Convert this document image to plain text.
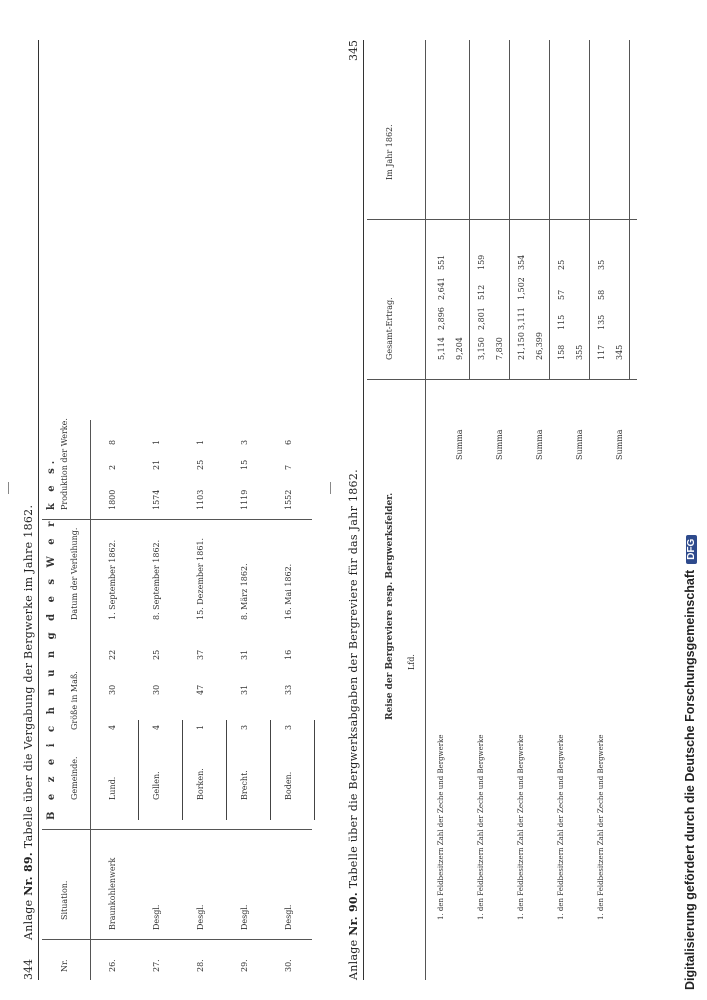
344
Anlage Nr. 89. Tabelle über die Vergabung der Bergwerke im Jahre 1862.
Nr.
Situation.
B e z e i c h n u n g d e s W e r k e s. Gemeinde.
Größe in Maß.
Datum der Verleihung.
Produktion der Werke.
26.
Braunkohlenwerk
Lund.
4
30
22
1. September 1862.
1800
2
8
27.
Desgl.
Gellen.
4
30
25
8. September 1862.
1574
21
1
28.
Desgl.
Borken.
1
47
37
15. Dezember 1861.
1103
25
1
29.
Desgl.
Brecht.
3
31
31
8. März 1862.
1119
15
3
30.
Desgl.
Boden.
3
33
16
16. Mai 1862.
1552
7
6
Anlage Nr. 90. Tabelle über die Bergwerksabgaben der Bergreviere für das Jahr 1862.
345
Reise der Bergreviere resp. Bergwerksfelder. Lfd.
Gesamt-Ertrag.
Im Jahr 1862.
1. den Feldbesitzern Zahl der Zeche und Bergwerke
5,114
2,896
2,641
551
Summa
9,204
1. den Feldbesitzern Zahl der Zeche und Bergwerke
3,150
2,801
512
159
Summa
7,830
1. den Feldbesitzern Zahl der Zeche und Bergwerke
21,150
3,111
1,502
354
Summa
26,399
1. den Feldbesitzern Zahl der Zeche und Bergwerke
158
115
57
25
Summa
355
1. den Feldbesitzern Zahl der Zeche und Bergwerke
117
135
58
35
Summa
345
Digitalisierung gefördert durch die Deutsche ForschungsgemeinschaftDFG
